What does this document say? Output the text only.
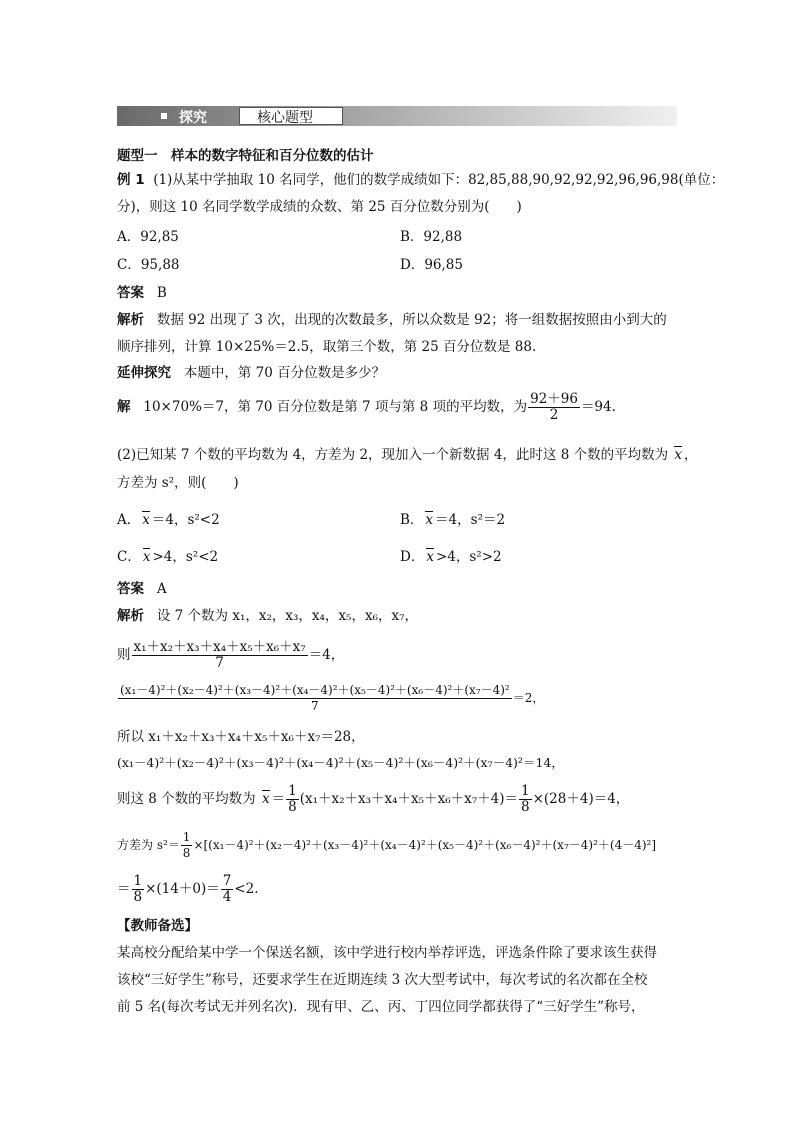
探究	核心题型
题型一　样本的数字特征和百分位数的估计
例 1 (1)从某中学抽取 10 名同学，他们的数学成绩如下：82,85,88,90,92,92,92,96,96,98(单位：
分)，则这 10 名同学数学成绩的众数、第 25 百分位数分别为(　　)
A．92,85	B．92,88
C．95,88	D．96,85
答案 B
解析 数据 92 出现了 3 次，出现的次数最多，所以众数是 92；将一组数据按照由小到大的
顺序排列，计算 10×25%＝2.5，取第三个数，第 25 百分位数是 88.
延伸探究 本题中，第 70 百分位数是多少？
解 10×70%＝7，第 70 百分位数是第 7 项与第 8 项的平均数，为 $\frac{92+96}{2} =94$.
(2)已知某 7 个数的平均数为 4，方差为 2，现加入一个新数据 4，此时这 8 个数的平均数为 x ，
方差为 s²，则(　　)
A． x ＝4，s²<2	B． x ＝4，s²＝2
C． x >4，s²<2	D． x >4，s²>2
答案 A
解析 设 7 个数为 x₁，x₂，x₃，x₄，x₅，x₆，x₇，
则 $\frac{\text{x₁＋x₂＋x₃＋x₄＋x₅＋x₆＋x₇}}{7} =4$，
$\frac{\text{(x₁－4)²＋(x₂－4)²＋(x₃－4)²＋(x₄－4)²＋(x₅－4)²＋(x₆－4)²＋(x₇－4)²}}{7} =2$，
所以 x₁＋x₂＋x₃＋x₄＋x₅＋x₆＋x₇＝28，
(x₁－4)²＋(x₂－4)²＋(x₃－4)²＋(x₄－4)²＋(x₅－4)²＋(x₆－4)²＋(x₇－4)²＝14，
则这 8 个数的平均数为 $x = \frac{1}{8} (x_1+x_2+x_3+x_4+x_5+x_6+x_7+4)= \frac{1}{8} \times(28+4)=4$，
方差为 $s^2= \frac{1}{8} \times[(x_1-4)^2+(x_2-4)^2+(x_3-4)^2+(x_4-4)^2+(x_5-4)^2+(x_6-4)^2+(x_7-4)^2+(4-4)^2]$
＝ $\frac{1}{8} \times(14+0)= \frac{7}{4} <2$.
【教师备选】
某高校分配给某中学一个保送名额，该中学进行校内举荐评选，评选条件除了要求该生获得
该校“三好学生”称号，还要求学生在近期连续 3 次大型考试中，每次考试的名次都在全校
前 5 名(每次考试无并列名次)．现有甲、乙、丙、丁四位同学都获得了“三好学生”称号，
